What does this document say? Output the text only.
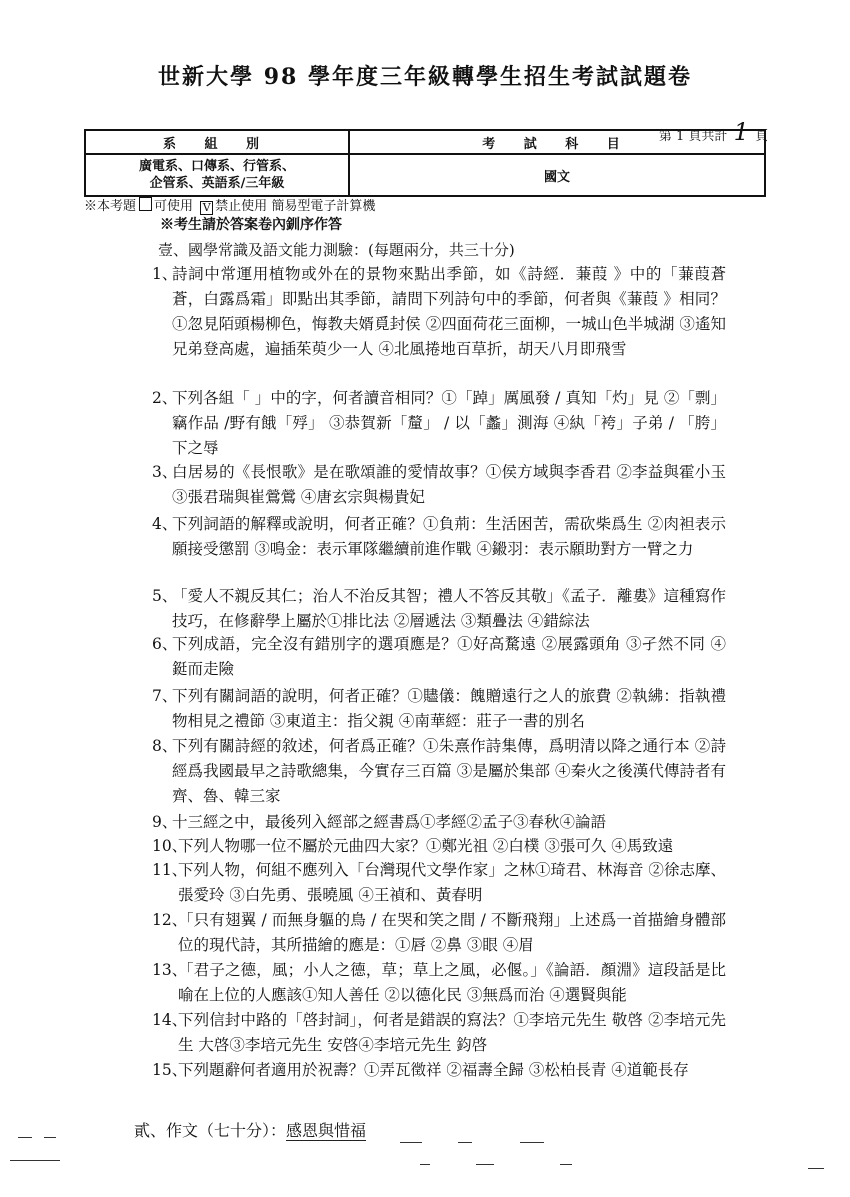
世新大學 98 學年度三年級轉學生招生考試試題卷
第 1 頁共計 1 頁
系 組 別	考 試 科 目

廣電系、口傳系、行管系、
企管系、英語系/三年級	國文
※本考題 可使用 V 禁止使用 簡易型電子計算機
※考生請於答案卷內釧序作答
壹、國學常識及語文能力測驗：(每題兩分，共三十分)
1、
詩詞中常運用植物或外在的景物來點出季節，如《詩經．蒹葭 》中的「蒹葭蒼蒼，白露爲霜」即點出其季節，請問下列詩句中的季節，何者與《蒹葭 》相同？①忽見陌頭楊柳色，悔教夫婿覓封侯 ②四面荷花三面柳，一城山色半城湖 ③遙知兄弟登高處，遍插茱萸少一人 ④北風捲地百草折，胡天八月即飛雪
2、
下列各組「 」中的字，何者讀音相同？①「踔」厲風發 / 真知「灼」見 ②「剽」竊作品 /野有餓「殍」 ③恭賀新「釐」 / 以「蠡」測海 ④紈「袴」子弟 / 「胯」下之辱
3、
白居易的《長恨歌》是在歌頌誰的愛情故事？①侯方域與李香君 ②李益與霍小玉 ③張君瑞與崔鶯鶯 ④唐玄宗與楊貴妃
4、
下列詞語的解釋或說明，何者正確？①負荊：生活困苦，需砍柴爲生 ②肉袒表示願接受懲罰 ③鳴金：表示軍隊繼續前進作戰 ④鎩羽：表示願助對方一臂之力
5、
「愛人不親反其仁；治人不治反其智；禮人不答反其敬」《孟子．離婁》這種寫作技巧，在修辭學上屬於①排比法 ②層遞法 ③類疊法 ④錯綜法
6、
下列成語，完全沒有錯別字的選項應是？①好高騖遠 ②展露頭角 ③孑然不同 ④鋌而走險
7、
下列有關詞語的說明，何者正確？①贐儀：餽贈遠行之人的旅費 ②執紼：指執禮物相見之禮節 ③東道主：指父親 ④南華經：莊子一書的別名
8、
下列有關詩經的敘述，何者爲正確？①朱熹作詩集傳，爲明清以降之通行本 ②詩經爲我國最早之詩歌總集，今實存三百篇 ③是屬於集部 ④秦火之後漢代傳詩者有齊、魯、韓三家
9、
十三經之中，最後列入經部之經書爲①孝經②孟子③春秋④論語
10、
下列人物哪一位不屬於元曲四大家？①鄭光祖 ②白樸 ③張可久 ④馬致遠
11、
下列人物，何組不應列入「台灣現代文學作家」之林①琦君、林海音 ②徐志摩、張愛玲 ③白先勇、張曉風 ④王禎和、黃春明
12、
「只有翅翼 / 而無身軀的鳥 / 在哭和笑之間 / 不斷飛翔」上述爲一首描繪身體部位的現代詩，其所描繪的應是：①唇 ②鼻 ③眼 ④眉
13、
「君子之德，風；小人之德，草；草上之風，必偃。」《論語．顏淵》這段話是比喻在上位的人應該①知人善任 ②以德化民 ③無爲而治 ④選賢與能
14、
下列信封中路的「啓封詞」，何者是錯誤的寫法？①李培元先生 敬啓 ②李培元先生 大啓③李培元先生 安啓④李培元先生 鈞啓
15、
下列題辭何者適用於祝壽？①弄瓦徵祥 ②福壽全歸 ③松柏長青 ④道範長存
貳、作文（七十分）：感恩與惜福
